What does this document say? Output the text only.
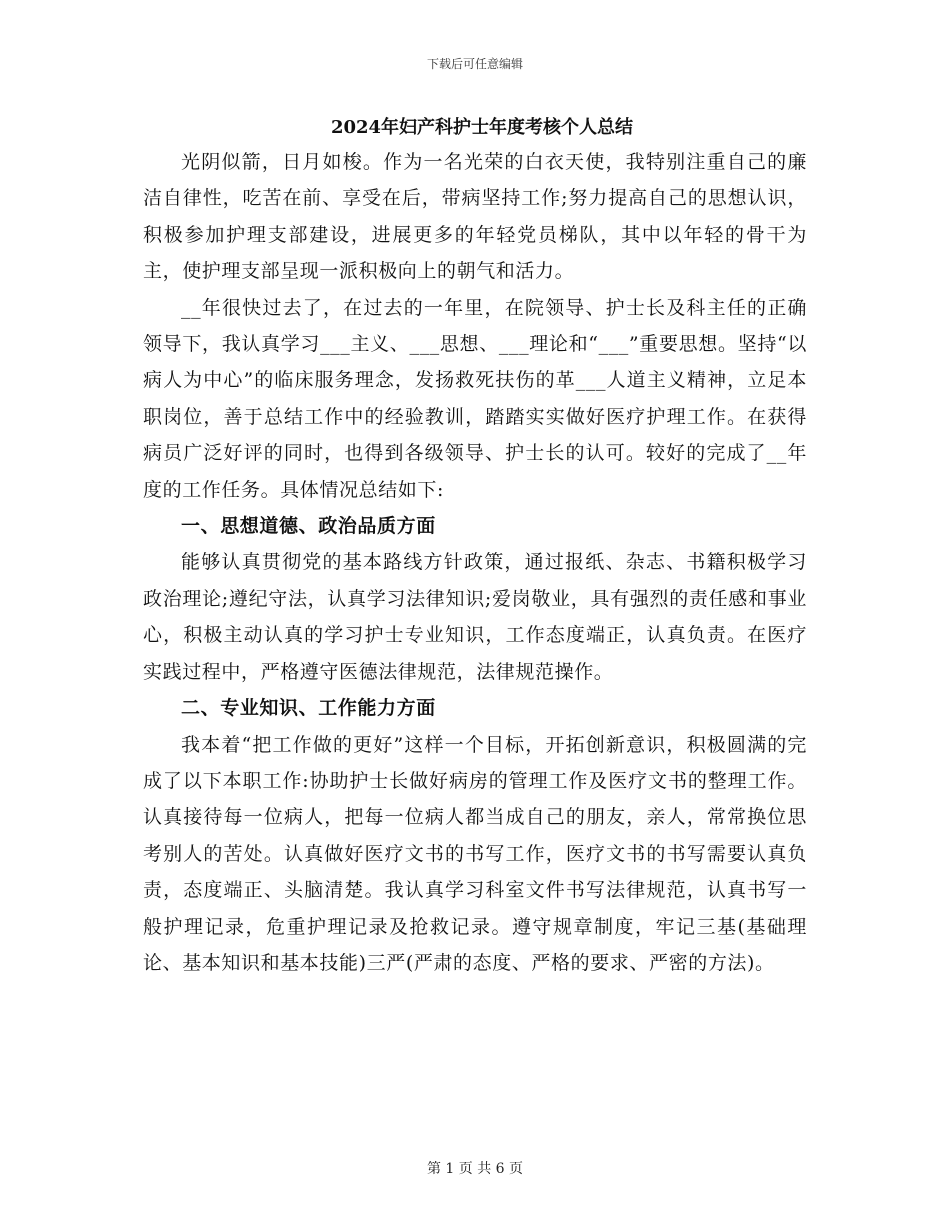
下载后可任意编辑
2024年妇产科护士年度考核个人总结

光阴似箭，日月如梭。作为一名光荣的白衣天使，我特别注重自己的廉洁自律性，吃苦在前、享受在后，带病坚持工作;努力提高自己的思想认识，积极参加护理支部建设，进展更多的年轻党员梯队，其中以年轻的骨干为主，使护理支部呈现一派积极向上的朝气和活力。

__年很快过去了，在过去的一年里，在院领导、护士长及科主任的正确领导下，我认真学习___主义、___思想、___理论和“___”重要思想。坚持“以病人为中心”的临床服务理念，发扬救死扶伤的革___人道主义精神，立足本职岗位，善于总结工作中的经验教训，踏踏实实做好医疗护理工作。在获得病员广泛好评的同时，也得到各级领导、护士长的认可。较好的完成了__年度的工作任务。具体情况总结如下:

一、思想道德、政治品质方面

能够认真贯彻党的基本路线方针政策，通过报纸、杂志、书籍积极学习政治理论;遵纪守法，认真学习法律知识;爱岗敬业，具有强烈的责任感和事业心，积极主动认真的学习护士专业知识，工作态度端正，认真负责。在医疗实践过程中，严格遵守医德法律规范，法律规范操作。

二、专业知识、工作能力方面

我本着“把工作做的更好”这样一个目标，开拓创新意识，积极圆满的完成了以下本职工作:协助护士长做好病房的管理工作及医疗文书的整理工作。认真接待每一位病人，把每一位病人都当成自己的朋友，亲人，常常换位思考别人的苦处。认真做好医疗文书的书写工作，医疗文书的书写需要认真负责，态度端正、头脑清楚。我认真学习科室文件书写法律规范，认真书写一般护理记录，危重护理记录及抢救记录。遵守规章制度，牢记三基(基础理论、基本知识和基本技能)三严(严肃的态度、严格的要求、严密的方法)。

第 1 页 共 6 页
